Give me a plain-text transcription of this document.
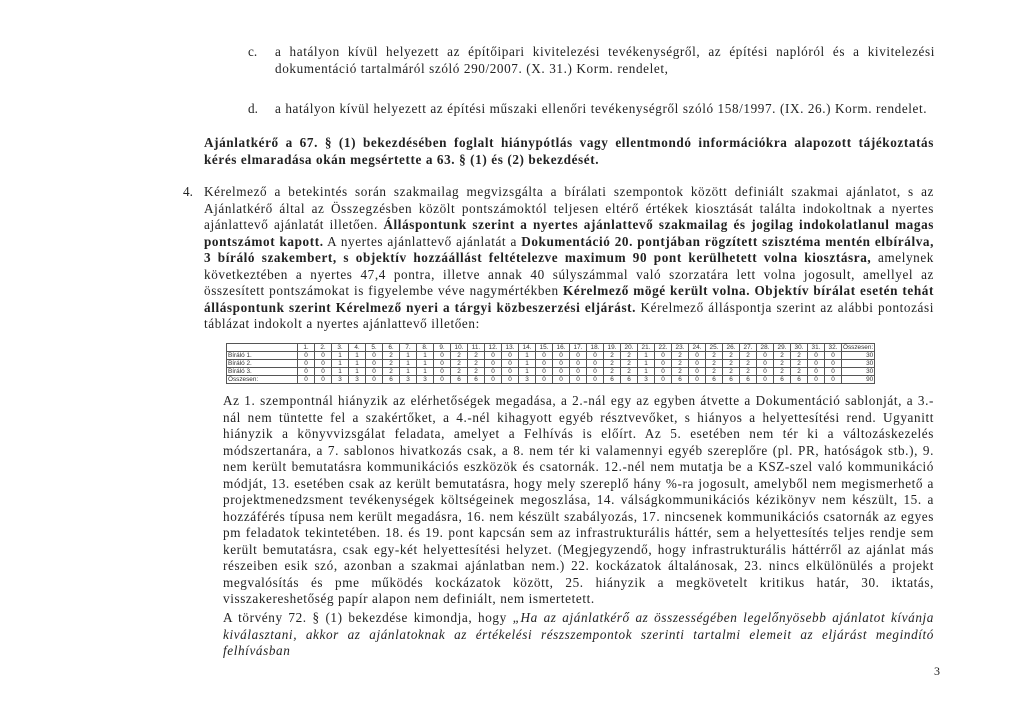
c. a hatályon kívül helyezett az építőipari kivitelezési tevékenységről, az építési naplóról és a kivitelezési dokumentáció tartalmáról szóló 290/2007. (X. 31.) Korm. rendelet,
d. a hatályon kívül helyezett az építési műszaki ellenőri tevékenységről szóló 158/1997. (IX. 26.) Korm. rendelet.
Ajánlatkérő a 67. § (1) bekezdésében foglalt hiánypótlás vagy ellentmondó információkra alapozott tájékoztatás kérés elmaradása okán megsértette a 63. § (1) és (2) bekezdését.
4. Kérelmező a betekintés során szakmailag megvizsgálta a bírálati szempontok között definiált szakmai ajánlatot, s az Ajánlatkérő által az Összegzésben közölt pontszámoktól teljesen eltérő értékek kiosztását találta indokoltnak a nyertes ajánlattevő ajánlatát illetően. Álláspontunk szerint a nyertes ajánlattevő szakmailag és jogilag indokolatlanul magas pontszámot kapott. A nyertes ajánlattevő ajánlatát a Dokumentáció 20. pontjában rögzített szisztéma mentén elbírálva, 3 bíráló szakembert, s objektív hozzáállást feltételezve maximum 90 pont kerülhetett volna kiosztásra, amelynek következtében a nyertes 47,4 pontra, illetve annak 40 súlyszámmal való szorzatára lett volna jogosult, amellyel az összesített pontszámokat is figyelembe véve nagymértékben Kérelmező mögé került volna. Objektív bírálat esetén tehát álláspontunk szerint Kérelmező nyeri a tárgyi közbeszerzési eljárást. Kérelmező álláspontja szerint az alábbi pontozási táblázat indokolt a nyertes ajánlattevő illetően:
	1.	2.	3.	4.	5.	6.	7.	8.	9.	10.	11.	12.	13.	14.	15.	16.	17.	18.	19.	20.	21.	22.	23.	24.	25.	26.	27.	28.	29.	30.	31.	32.	Összesen:
Bíráló 1.	0	0	1	1	0	2	1	1	0	2	2	0	0	1	0	0	0	0	2	2	1	0	2	0	2	2	2	0	2	2	0	0	30
Bíráló 2.	0	0	1	1	0	2	1	1	0	2	2	0	0	1	0	0	0	0	2	2	1	0	2	0	2	2	2	0	2	2	0	0	30
Bíráló 3.	0	0	1	1	0	2	1	1	0	2	2	0	0	1	0	0	0	0	2	2	1	0	2	0	2	2	2	0	2	2	0	0	30
Összesen:	0	0	3	3	0	6	3	3	0	6	6	0	0	3	0	0	0	0	6	6	3	0	6	0	6	6	6	0	6	6	0	0	90
Az 1. szempontnál hiányzik az elérhetőségek megadása, a 2.-nál egy az egyben átvette a Dokumentáció sablonját, a 3.-nál nem tüntette fel a szakértőket, a 4.-nél kihagyott egyéb résztvevőket, s hiányos a helyettesítési rend. Ugyanitt hiányzik a könyvvizsgálat feladata, amelyet a Felhívás is előírt. Az 5. esetében nem tér ki a változáskezelés módszertanára, a 7. sablonos hivatkozás csak, a 8. nem tér ki valamennyi egyéb szereplőre (pl. PR, hatóságok stb.), 9. nem került bemutatásra kommunikációs eszközök és csatornák. 12.-nél nem mutatja be a KSZ-szel való kommunikáció módját, 13. esetében csak az került bemutatásra, hogy mely szereplő hány %-ra jogosult, amelyből nem megismerhető a projektmenedzsment tevékenységek költségeinek megoszlása, 14. válságkommunikációs kézikönyv nem készült, 15. a hozzáférés típusa nem került megadásra, 16. nem készült szabályozás, 17. nincsenek kommunikációs csatornák az egyes pm feladatok tekintetében. 18. és 19. pont kapcsán sem az infrastrukturális háttér, sem a helyettesítés teljes rendje sem került bemutatásra, csak egy-két helyettesítési helyzet. (Megjegyzendő, hogy infrastrukturális háttérről az ajánlat más részeiben esik szó, azonban a szakmai ajánlatban nem.) 22. kockázatok általánosak, 23. nincs elkülönülés a projekt megvalósítás és pme működés kockázatok között, 25. hiányzik a megkövetelt kritikus határ, 30. iktatás, visszakereshetőség papír alapon nem definiált, nem ismertetett.
A törvény 72. § (1) bekezdése kimondja, hogy „Ha az ajánlatkérő az összességében legelőnyösebb ajánlatot kívánja kiválasztani, akkor az ajánlatoknak az értékelési részszempontok szerinti tartalmi elemeit az eljárást megindító felhívásban
3
